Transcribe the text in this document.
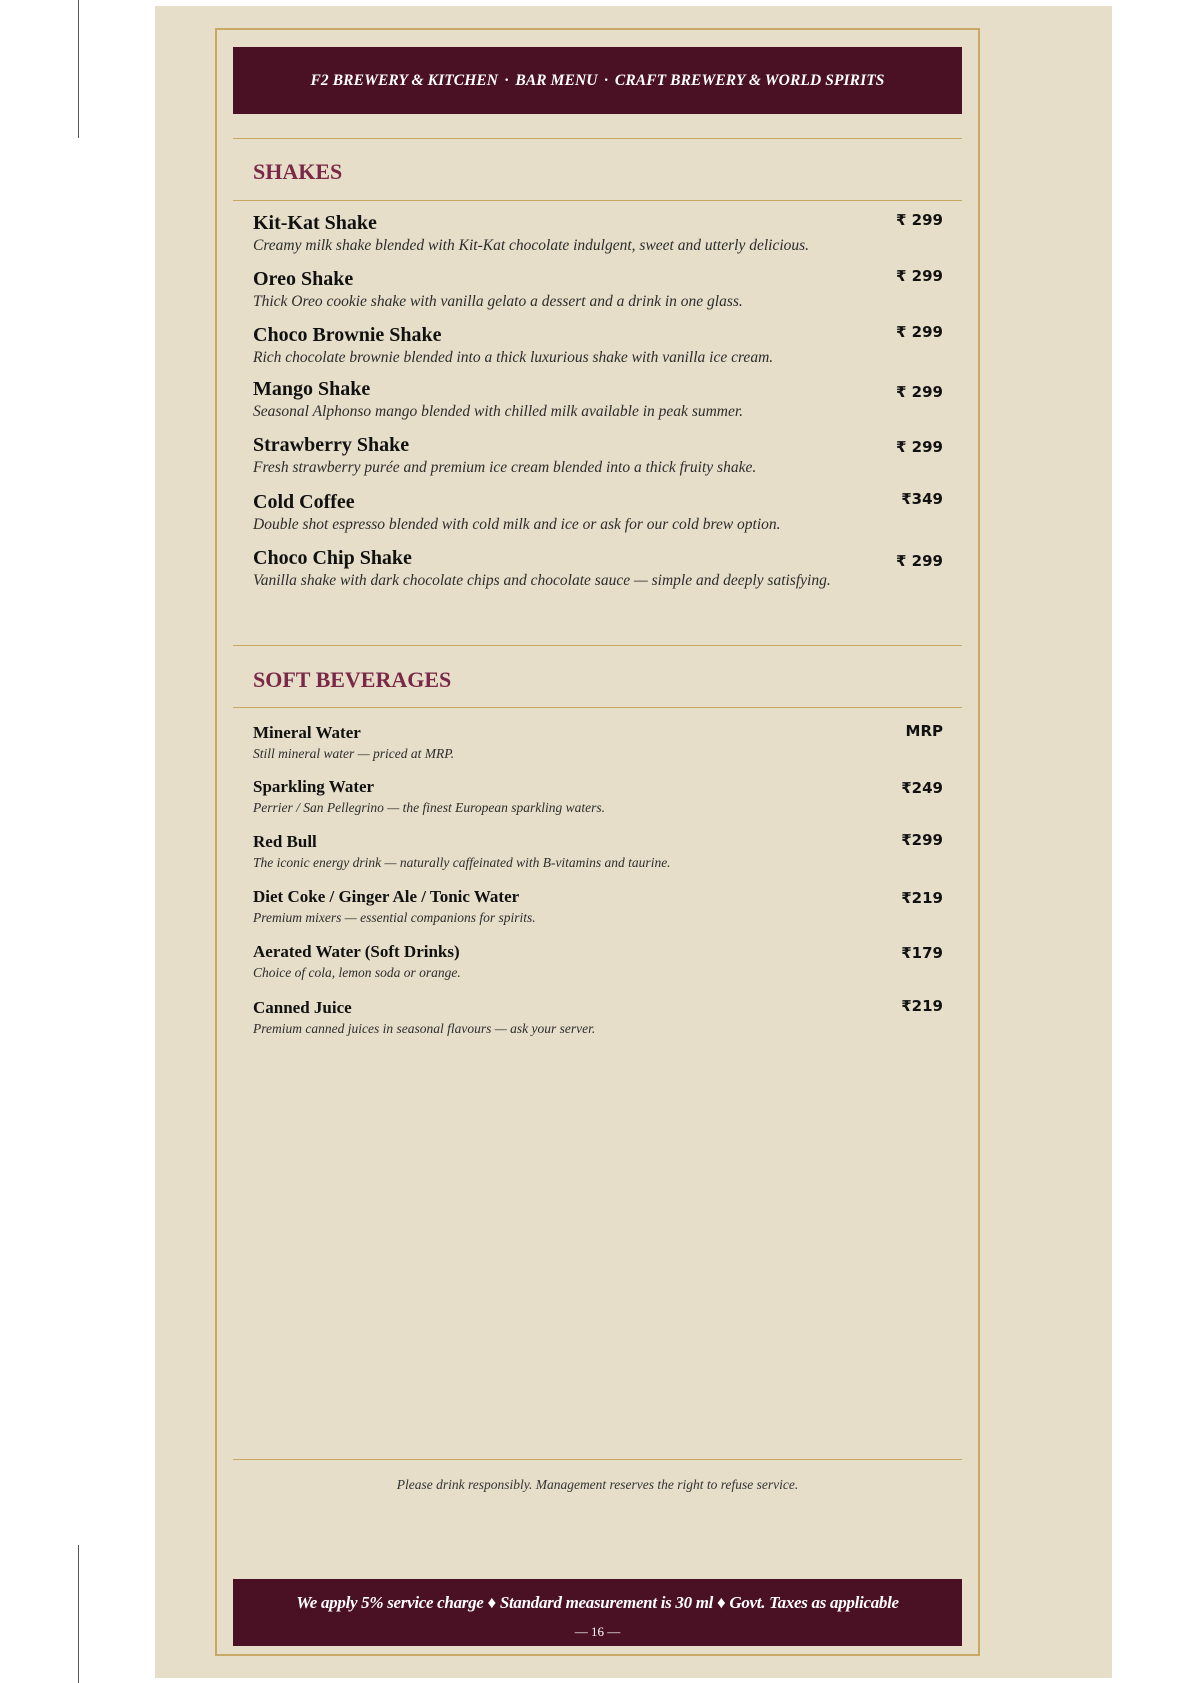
F2 BREWERY & KITCHEN · BAR MENU · CRAFT BREWERY & WORLD SPIRITS
SHAKES
Kit-Kat Shake
Creamy milk shake blended with Kit-Kat chocolate indulgent, sweet and utterly delicious.
₹ 299
Oreo Shake
Thick Oreo cookie shake with vanilla gelato a dessert and a drink in one glass.
₹ 299
Choco Brownie Shake
Rich chocolate brownie blended into a thick luxurious shake with vanilla ice cream.
₹ 299
Mango Shake
Seasonal Alphonso mango blended with chilled milk available in peak summer.
₹ 299
Strawberry Shake
Fresh strawberry purée and premium ice cream blended into a thick fruity shake.
₹ 299
Cold Coffee
Double shot espresso blended with cold milk and ice or ask for our cold brew option.
₹349
Choco Chip Shake
Vanilla shake with dark chocolate chips and chocolate sauce — simple and deeply satisfying.
₹ 299
SOFT BEVERAGES
Mineral Water
Still mineral water — priced at MRP.
MRP
Sparkling Water
Perrier / San Pellegrino — the finest European sparkling waters.
₹249
Red Bull
The iconic energy drink — naturally caffeinated with B-vitamins and taurine.
₹299
Diet Coke / Ginger Ale / Tonic Water
Premium mixers — essential companions for spirits.
₹219
Aerated Water (Soft Drinks)
Choice of cola, lemon soda or orange.
₹179
Canned Juice
Premium canned juices in seasonal flavours — ask your server.
₹219
Please drink responsibly. Management reserves the right to refuse service.
We apply 5% service charge ♦ Standard measurement is 30 ml ♦ Govt. Taxes as applicable
— 16 —
